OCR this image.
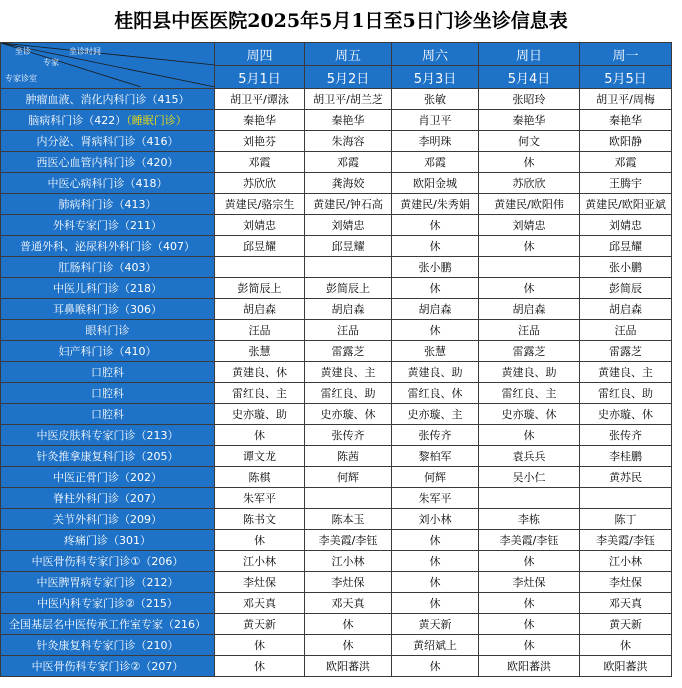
桂阳县中医医院2025年5月1日至5日门诊坐诊信息表
坐诊 坐诊时间
专家
专家诊室	周四	周五	周六	周日	周一
	5月1日	5月2日	5月3日	5月4日	5月5日
肿瘤血液、消化内科门诊（415）	胡卫平/谭泳	胡卫平/胡兰芝	张敏	张昭玲	胡卫平/周梅
脑病科门诊（422）（睡眠门诊）	秦艳华	秦艳华	肖卫平	秦艳华	秦艳华
内分泌、肾病科门诊（416）	刘艳芬	朱海容	李明珠	何文	欧阳静
西医心血管内科门诊（420）	邓霞	邓霞	邓霞	休	邓霞
中医心病科门诊（418）	苏欣欣	龚海姣	欧阳金城	苏欣欣	王腾宇
肺病科门诊（413）	黄建民/骆宗生	黄建民/钟石高	黄建民/朱秀娟	黄建民/欧阳伟	黄建民/欧阳亚斌
外科专家门诊（211）	刘婧忠	刘婧忠	休	刘婧忠	刘婧忠
普通外科、泌尿科外科门诊（407）	邱昱耀	邱昱耀	休	休	邱昱耀
肛肠科门诊（403）			张小鹏		张小鹏
中医儿科门诊（218）	彭简辰上	彭简辰上	休	休	彭简辰
耳鼻喉科门诊（306）	胡启森	胡启森	胡启森	胡启森	胡启森
眼科门诊	汪品	汪品	休	汪品	汪品
妇产科门诊（410）	张慧	雷露芝	张慧	雷露芝	雷露芝
口腔科	黄建良、休	黄建良、主	黄建良、助	黄建良、助	黄建良、主
口腔科	雷红良、主	雷红良、助	雷红良、休	雷红良、主	雷红良、助
口腔科	史亦璇、助	史亦璇、休	史亦璇、主	史亦璇、休	史亦璇、休
中医皮肤科专家门诊（213）	休	张传齐	张传齐	休	张传齐
针灸推拿康复科门诊（205）	谭文龙	陈茜	黎柏军	袁兵兵	李桂鹏
中医正骨门诊（202）	陈棋	何辉	何辉	吴小仁	黄苏民
脊柱外科门诊（207）	朱军平		朱军平		
关节外科门诊（209）	陈书文	陈本玉	刘小林	李栋	陈丁
疼痛门诊（301）	休	李美霞/李钰	休	李美霞/李钰	李美霞/李钰
中医骨伤科专家门诊①（206）	江小林	江小林	休	休	江小林
中医脾胃病专家门诊（212）	李灶保	李灶保	休	李灶保	李灶保
中医内科专家门诊②（215）	邓天真	邓天真	休	休	邓天真
全国基层名中医传承工作室专家（216）	黄天新	休	黄天新	休	黄天新
针灸康复科专家门诊（210）	休	休	黄绍斌上	休	休
中医骨伤科专家门诊②（207）	休	欧阳蕃洪	休	欧阳蕃洪	欧阳蕃洪
